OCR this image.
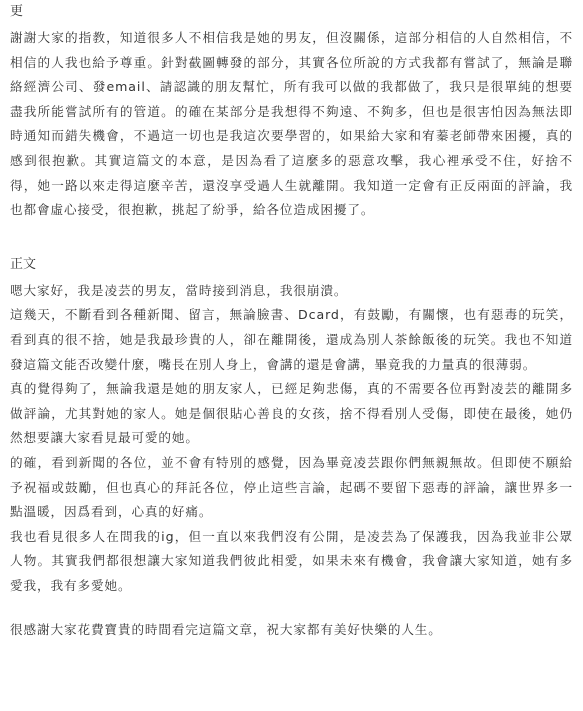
更

謝謝大家的指教，知道很多人不相信我是她的男友，但沒關係，這部分相信的人自然相信，不相信的人我也給予尊重。針對截圖轉發的部分，其實各位所說的方式我都有嘗試了，無論是聯絡經濟公司、發email、請認識的朋友幫忙，所有我可以做的我都做了，我只是很單純的想要盡我所能嘗試所有的管道。的確在某部分是我想得不夠遠、不夠多，但也是很害怕因為無法即時通知而錯失機會，不過這一切也是我這次要學習的，如果給大家和宥蓁老師帶來困擾，真的感到很抱歉。其實這篇文的本意，是因為看了這麼多的惡意攻擊，我心裡承受不住，好捨不得，她一路以來走得這麼辛苦，還沒享受過人生就離開。我知道一定會有正反兩面的評論，我也都會虛心接受，很抱歉，挑起了紛爭，給各位造成困擾了。

正文

嗯大家好，我是凌芸的男友，當時接到消息，我很崩潰。

這幾天，不斷看到各種新聞、留言，無論臉書、Dcard，有鼓勵，有關懷，也有惡毒的玩笑，看到真的很不捨，她是我最珍貴的人，卻在離開後，還成為別人茶餘飯後的玩笑。我也不知道發這篇文能否改變什麼，嘴長在別人身上，會講的還是會講，畢竟我的力量真的很薄弱。

真的覺得夠了，無論我還是她的朋友家人，已經足夠悲傷，真的不需要各位再對凌芸的離開多做評論，尤其對她的家人。她是個很貼心善良的女孩，捨不得看別人受傷，即使在最後，她仍然想要讓大家看見最可愛的她。

的確，看到新聞的各位，並不會有特別的感覺，因為畢竟凌芸跟你們無親無故。但即使不願給予祝福或鼓勵，但也真心的拜託各位，停止這些言論，起碼不要留下惡毒的評論，讓世界多一點溫暖，因爲看到，心真的好痛。

我也看見很多人在問我的ig，但一直以來我們沒有公開，是凌芸為了保護我，因為我並非公眾人物。其實我們都很想讓大家知道我們彼此相愛，如果未來有機會，我會讓大家知道，她有多愛我，我有多愛她。

很感謝大家花費寶貴的時間看完這篇文章，祝大家都有美好快樂的人生。
